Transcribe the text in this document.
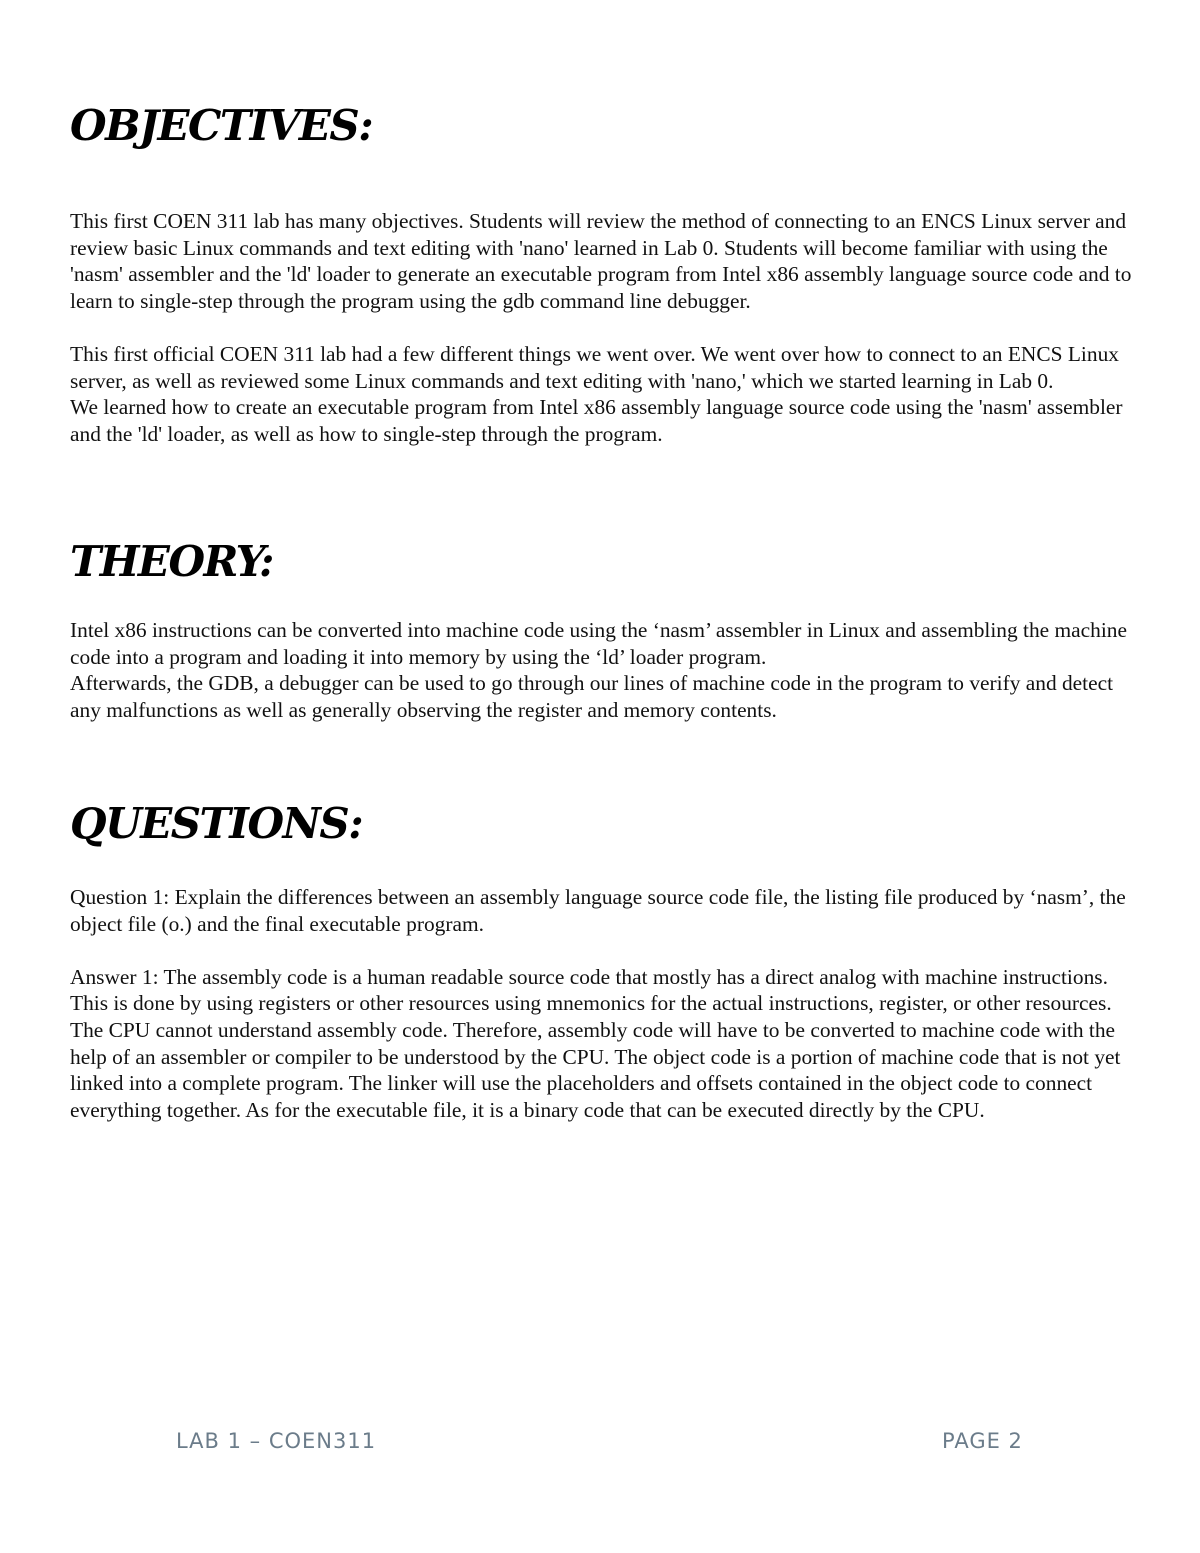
OBJECTIVES:

This first COEN 311 lab has many objectives. Students will review the method of connecting to an ENCS Linux server and review basic Linux commands and text editing with 'nano' learned in Lab 0. Students will become familiar with using the 'nasm' assembler and the 'ld' loader to generate an executable program from Intel x86 assembly language source code and to learn to single-step through the program using the gdb command line debugger.

This first official COEN 311 lab had a few different things we went over. We went over how to connect to an ENCS Linux server, as well as reviewed some Linux commands and text editing with 'nano,' which we started learning in Lab 0.

We learned how to create an executable program from Intel x86 assembly language source code using the 'nasm' assembler and the 'ld' loader, as well as how to single-step through the program.

THEORY:

Intel x86 instructions can be converted into machine code using the ‘nasm’ assembler in Linux and assembling the machine code into a program and loading it into memory by using the ‘ld’ loader program.

Afterwards, the GDB, a debugger can be used to go through our lines of machine code in the program to verify and detect any malfunctions as well as generally observing the register and memory contents.

QUESTIONS:

Question 1: Explain the differences between an assembly language source code file, the listing file produced by ‘nasm’, the object file (o.) and the final executable program.

Answer 1: The assembly code is a human readable source code that mostly has a direct analog with machine instructions. This is done by using registers or other resources using mnemonics for the actual instructions, register, or other resources.

The CPU cannot understand assembly code. Therefore, assembly code will have to be converted to machine code with the help of an assembler or compiler to be understood by the CPU. The object code is a portion of machine code that is not yet linked into a complete program. The linker will use the placeholders and offsets contained in the object code to connect everything together. As for the executable file, it is a binary code that can be executed directly by the CPU.

LAB 1 – COEN311	PAGE 2
